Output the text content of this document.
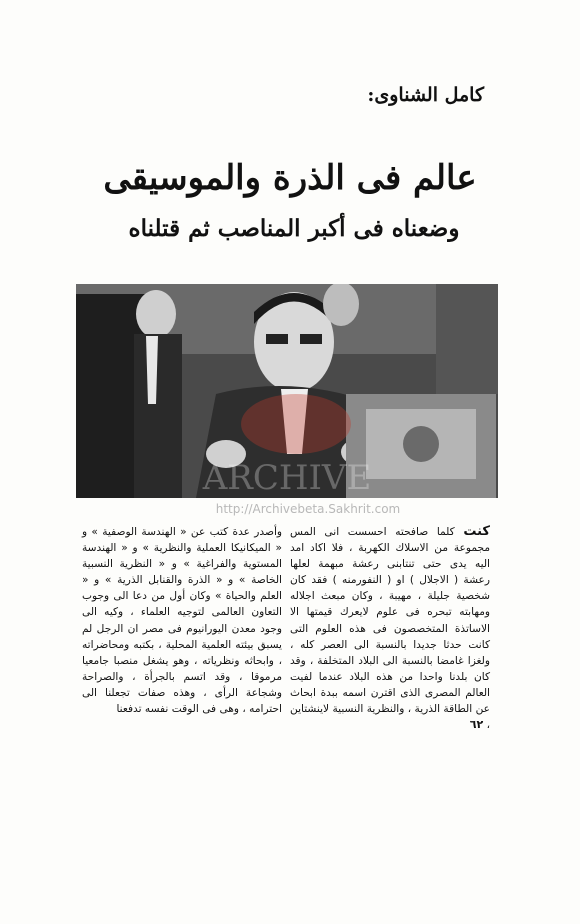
كامل الشناوى:
عالم فى الذرة والموسيقى
وضعناه فى أكبر المناصب ثم قتلناه
ARCHIVE
http://Archivebeta.Sakhrit.com

كنت كلما صافحته احسست انى المس مجموعة من الاسلاك الكهربة ، فلا اكاد امد اليه يدى حتى تنتابنى رعشة مبهمة لعلها رعشة ( الاجلال ) او ( النفورمنه ) فقد كان شخصية جليلة ، مهيبة ، وكان مبعث اجلاله ومهابته تبحره فى علوم لايعرك قيمتها الا الاساتذة المتخصصون فى هذه العلوم التى كانت حدثا جديدا بالنسبة الى العصر كله ، ولغزا غامضا بالنسبة الى البلاد المتخلفة ، وقد كان بلدنا واحدا من هذه البلاد عندما لفيت العالم المصرى الذى اقترن اسمه ببدة ابحاث عن الطاقة الذرية ، والنظرية النسبية لاينشتاين ، ٦٢

وأصدر عدة كتب عن « الهندسة الوصفية » و « الميكانيكا العملية والنظرية » و « الهندسة المستوية والفراغية » و « النظرية النسبية الخاصة » و « الذرة والقنابل الذرية » و « العلم والحياة » وكان أول من دعا الى وجوب التعاون العالمى لتوجيه العلماء ، وكيه الى وجود معدن اليورانيوم فى مصر ان الرجل لم يسبق بيئته العلمية المحلية ، بكتبه ومحاضراته ، وابحاثه ونظرياته ، وهو يشغل منصبا جامعيا مرموقا ، وقد اتسم بالجرأة ، والصراحة وشجاعة الرأى ، وهذه صفات تجعلنا الى احترامه ، وهى فى الوقت نفسه تدفعنا
